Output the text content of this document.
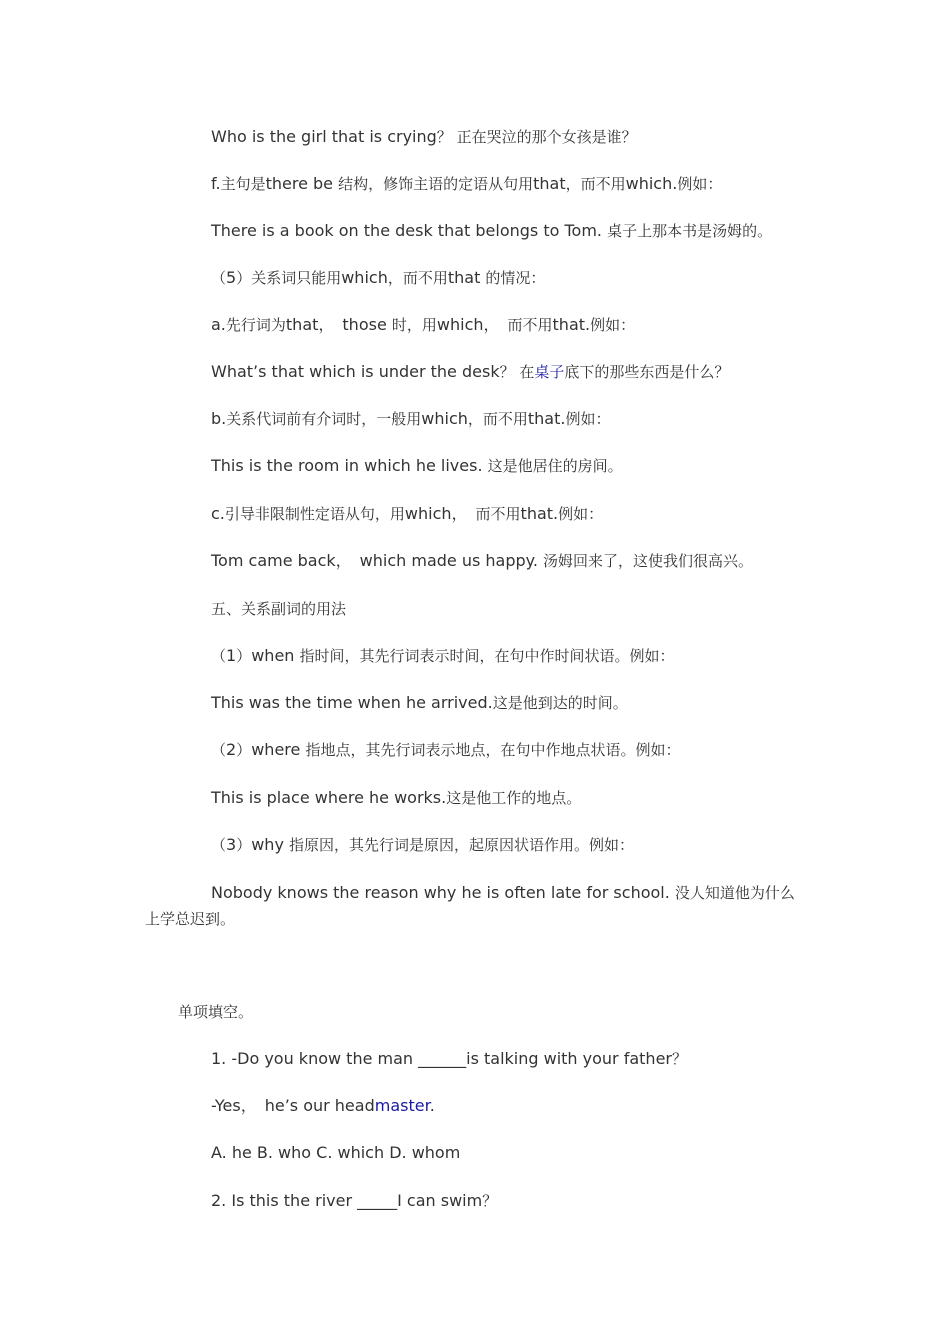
Who is the girl that is crying？ 正在哭泣的那个女孩是谁？
f.主句是there be 结构，修饰主语的定语从句用that，而不用which.例如：
There is a book on the desk that belongs to Tom. 桌子上那本书是汤姆的。
（5）关系词只能用which，而不用that 的情况：
a.先行词为that，　those 时，用which，　而不用that.例如：
What’s that which is under the desk？ 在桌子底下的那些东西是什么？
b.关系代词前有介词时，一般用which，而不用that.例如：
This is the room in which he lives. 这是他居住的房间。
c.引导非限制性定语从句，用which，　而不用that.例如：
Tom came back，　which made us happy. 汤姆回来了，这使我们很高兴。
五、关系副词的用法
（1）when 指时间，其先行词表示时间，在句中作时间状语。例如：
This was the time when he arrived.这是他到达的时间。
（2）where 指地点，其先行词表示地点，在句中作地点状语。例如：
This is place where he works.这是他工作的地点。
（3）why 指原因，其先行词是原因，起原因状语作用。例如：
Nobody knows the reason why he is often late for school. 没人知道他为什么上学总迟到。
单项填空。
1. -Do you know the man ______is talking with your father？
-Yes，　he’s our headmaster.
A. he B. who C. which D. whom
2. Is this the river _____I can swim？
